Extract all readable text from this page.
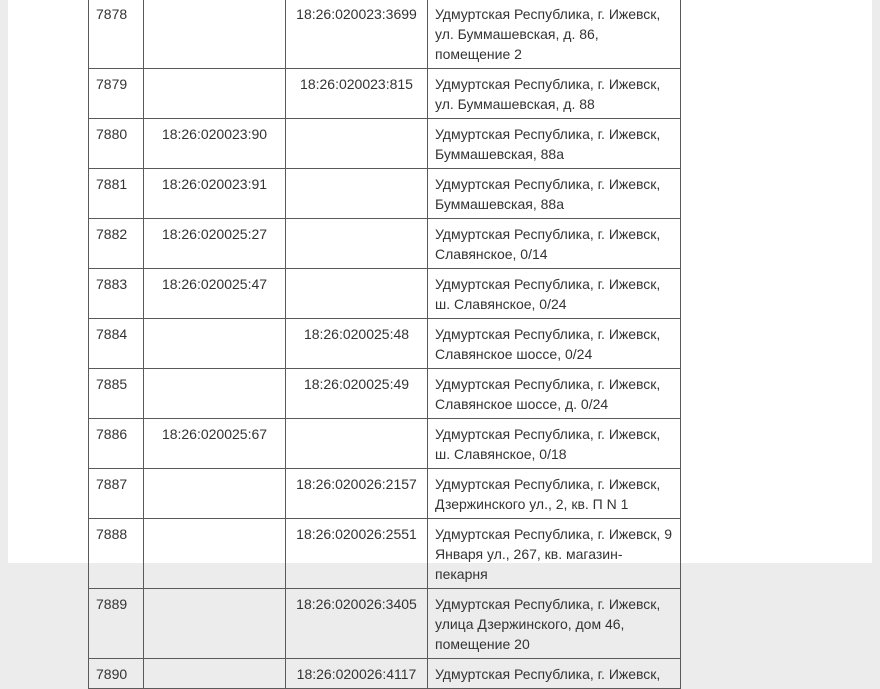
7878		18:26:020023:3699	Удмуртская Республика, г. Ижевск, ул. Буммашевская, д. 86, помещение 2
7879		18:26:020023:815	Удмуртская Республика, г. Ижевск, ул. Буммашевская, д. 88
7880	18:26:020023:90		Удмуртская Республика, г. Ижевск, Буммашевская, 88а
7881	18:26:020023:91		Удмуртская Республика, г. Ижевск, Буммашевская, 88а
7882	18:26:020025:27		Удмуртская Республика, г. Ижевск, Славянское, 0/14
7883	18:26:020025:47		Удмуртская Республика, г. Ижевск, ш. Славянское, 0/24
7884		18:26:020025:48	Удмуртская Республика, г. Ижевск, Славянское шоссе, 0/24
7885		18:26:020025:49	Удмуртская Республика, г. Ижевск, Славянское шоссе, д. 0/24
7886	18:26:020025:67		Удмуртская Республика, г. Ижевск, ш. Славянское, 0/18
7887		18:26:020026:2157	Удмуртская Республика, г. Ижевск, Дзержинского ул., 2, кв. П N 1
7888		18:26:020026:2551	Удмуртская Республика, г. Ижевск, 9 Января ул., 267, кв. магазин-пекарня
7889		18:26:020026:3405	Удмуртская Республика, г. Ижевск, улица Дзержинского, дом 46, помещение 20
7890		18:26:020026:4117	Удмуртская Республика, г. Ижевск,
